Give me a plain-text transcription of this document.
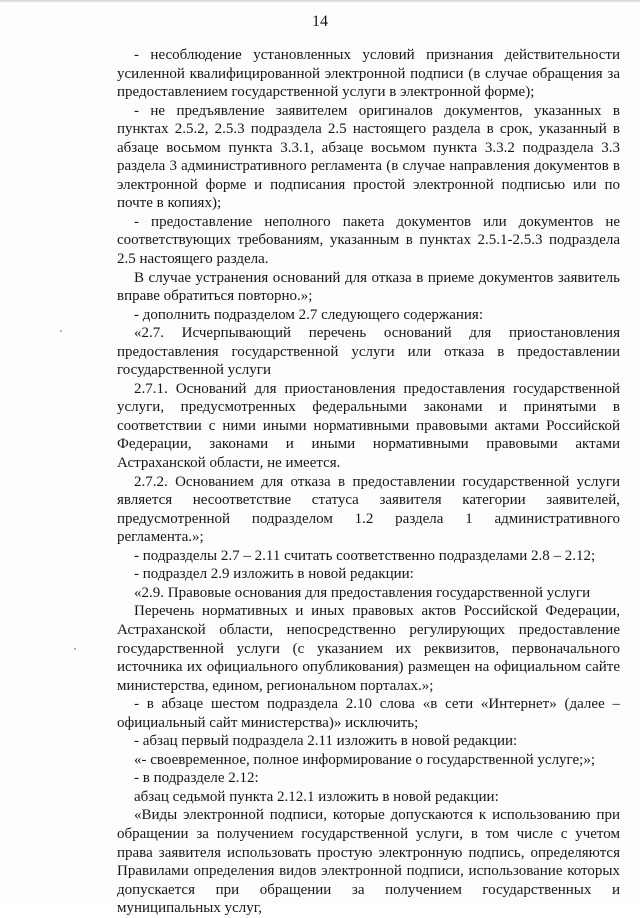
14

- несоблюдение установленных условий признания действительности усиленной квалифицированной электронной подписи (в случае обращения за предоставлением государственной услуги в электронной форме);

- не предъявление заявителем оригиналов документов, указанных в пунктах 2.5.2, 2.5.3 подраздела 2.5 настоящего раздела в срок, указанный в абзаце восьмом пункта 3.3.1, абзаце восьмом пункта 3.3.2 подраздела 3.3 раздела 3 административного регламента (в случае направления документов в электронной форме и подписания простой электронной подписью или по почте в копиях);

- предоставление неполного пакета документов или документов не соответствующих требованиям, указанным в пунктах 2.5.1-2.5.3 подраздела 2.5 настоящего раздела.

В случае устранения оснований для отказа в приеме документов заявитель вправе обратиться повторно.»;

- дополнить подразделом 2.7 следующего содержания:

«2.7. Исчерпывающий перечень оснований для приостановления предоставления государственной услуги или отказа в предоставлении государственной услуги

2.7.1. Оснований для приостановления предоставления государственной услуги, предусмотренных федеральными законами и принятыми в соответствии с ними иными нормативными правовыми актами Российской Федерации, законами и иными нормативными правовыми актами Астраханской области, не имеется.

2.7.2. Основанием для отказа в предоставлении государственной услуги является несоответствие статуса заявителя категории заявителей, предусмотренной подразделом 1.2 раздела 1 административного регламента.»;

- подразделы 2.7 – 2.11 считать соответственно подразделами 2.8 – 2.12;

- подраздел 2.9 изложить в новой редакции:

«2.9. Правовые основания для предоставления государственной услуги

Перечень нормативных и иных правовых актов Российской Федерации, Астраханской области, непосредственно регулирующих предоставление государственной услуги (с указанием их реквизитов, первоначального источника их официального опубликования) размещен на официальном сайте министерства, едином, региональном порталах.»;

- в абзаце шестом подраздела 2.10 слова «в сети «Интернет» (далее – официальный сайт министерства)» исключить;

- абзац первый подраздела 2.11 изложить в новой редакции:

«- своевременное, полное информирование о государственной услуге;»;

- в подразделе 2.12:

абзац седьмой пункта 2.12.1 изложить в новой редакции:

«Виды электронной подписи, которые допускаются к использованию при обращении за получением государственной услуги, в том числе с учетом права заявителя использовать простую электронную подпись, определяются Правилами определения видов электронной подписи, использование которых допускается при обращении за получением государственных и муниципальных услуг,
